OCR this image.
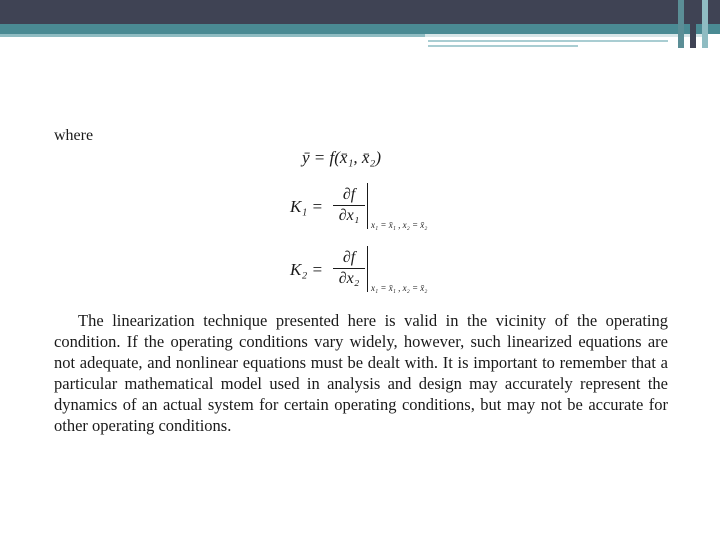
where
ȳ = f(x̄₁, x̄₂)
$K_1 = \frac{\partial f}{\text{∂x₁}} x_1$ = x̄₁ , x₂ = x̄₂
$K_2 = \frac{\partial f}{\text{∂x₂}} x_1$ = x̄₁ , x₂ = x̄₂
The linearization technique presented here is valid in the vicinity of the operating condition. If the operating conditions vary widely, however, such linearized equations are not adequate, and nonlinear equations must be dealt with. It is important to remember that a particular mathematical model used in analysis and design may accurately represent the dynamics of an actual system for certain operating conditions, but may not be accurate for other operating conditions.
